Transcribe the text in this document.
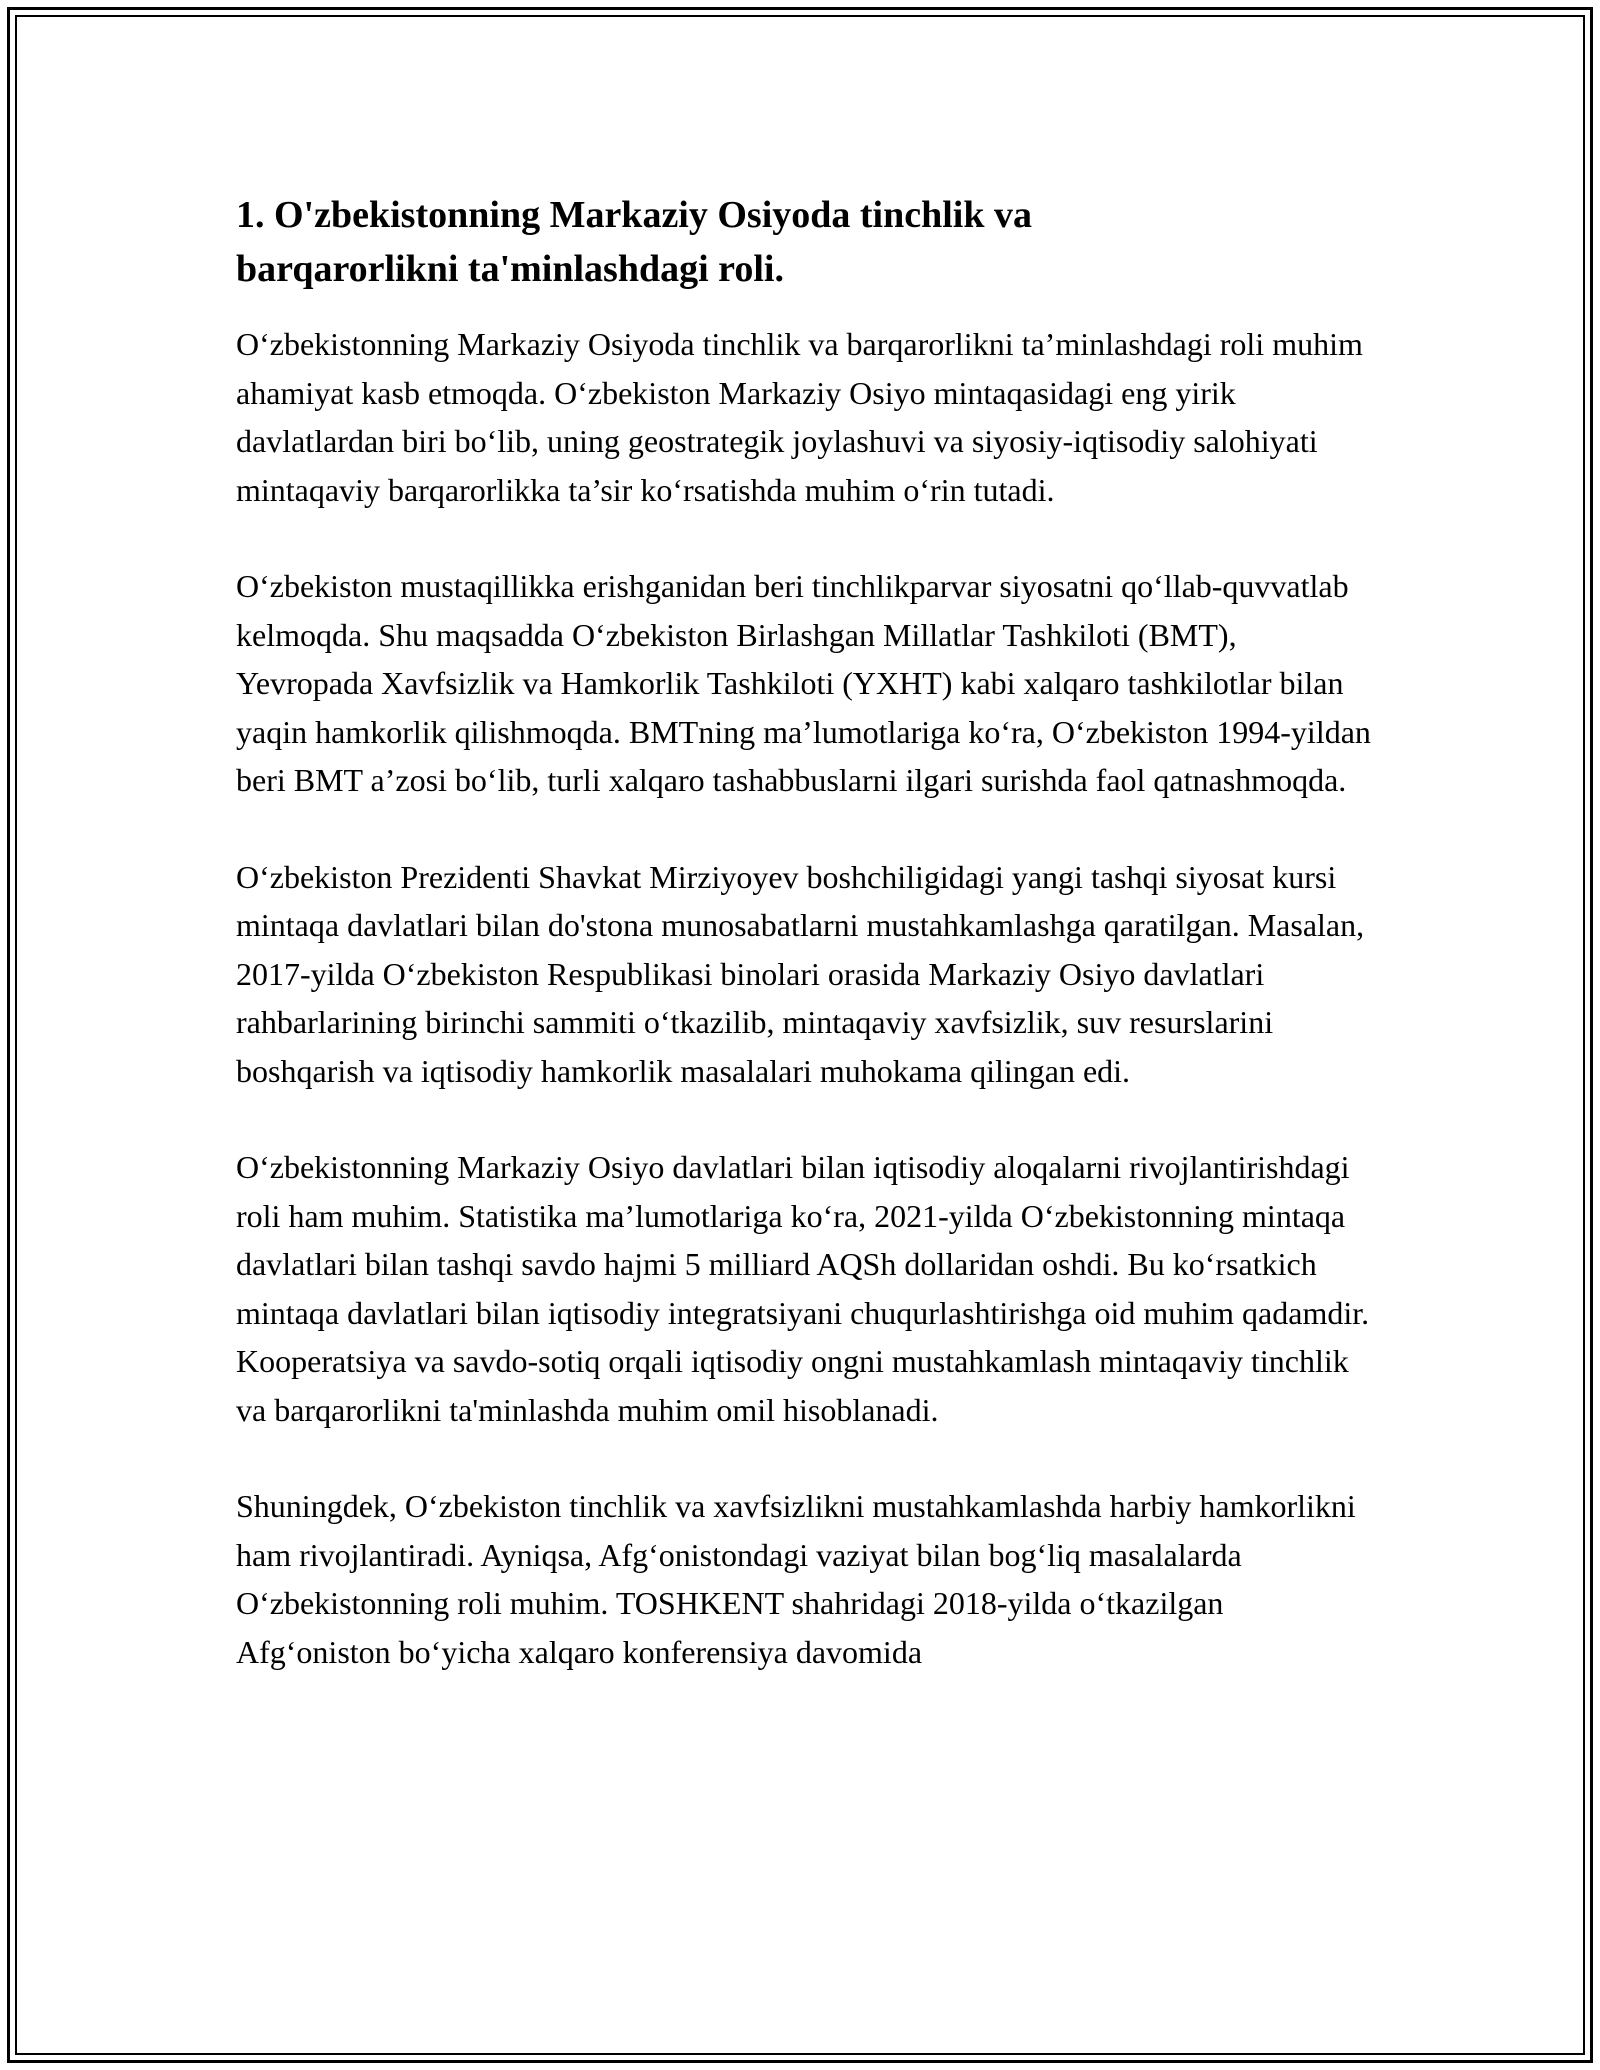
1. O'zbekistonning Markaziy Osiyoda tinchlik va barqarorlikni ta'minlashdagi roli.

O‘zbekistonning Markaziy Osiyoda tinchlik va barqarorlikni ta’minlashdagi roli muhim ahamiyat kasb etmoqda. O‘zbekiston Markaziy Osiyo mintaqasidagi eng yirik davlatlardan biri bo‘lib, uning geostrategik joylashuvi va siyosiy-iqtisodiy salohiyati mintaqaviy barqarorlikka ta’sir ko‘rsatishda muhim o‘rin tutadi.

O‘zbekiston mustaqillikka erishganidan beri tinchlikparvar siyosatni qo‘llab-quvvatlab kelmoqda. Shu maqsadda O‘zbekiston Birlashgan Millatlar Tashkiloti (BMT), Yevropada Xavfsizlik va Hamkorlik Tashkiloti (YXHT) kabi xalqaro tashkilotlar bilan yaqin hamkorlik qilishmoqda. BMTning ma’lumotlariga ko‘ra, O‘zbekiston 1994-yildan beri BMT a’zosi bo‘lib, turli xalqaro tashabbuslarni ilgari surishda faol qatnashmoqda.

O‘zbekiston Prezidenti Shavkat Mirziyoyev boshchiligidagi yangi tashqi siyosat kursi mintaqa davlatlari bilan do'stona munosabatlarni mustahkamlashga qaratilgan. Masalan, 2017-yilda O‘zbekiston Respublikasi binolari orasida Markaziy Osiyo davlatlari rahbarlarining birinchi sammiti o‘tkazilib, mintaqaviy xavfsizlik, suv resurslarini boshqarish va iqtisodiy hamkorlik masalalari muhokama qilingan edi.

O‘zbekistonning Markaziy Osiyo davlatlari bilan iqtisodiy aloqalarni rivojlantirishdagi roli ham muhim. Statistika ma’lumotlariga ko‘ra, 2021-yilda O‘zbekistonning mintaqa davlatlari bilan tashqi savdo hajmi 5 milliard AQSh dollaridan oshdi. Bu ko‘rsatkich mintaqa davlatlari bilan iqtisodiy integratsiyani chuqurlashtirishga oid muhim qadamdir. Kooperatsiya va savdo-sotiq orqali iqtisodiy ongni mustahkamlash mintaqaviy tinchlik va barqarorlikni ta'minlashda muhim omil hisoblanadi.

Shuningdek, O‘zbekiston tinchlik va xavfsizlikni mustahkamlashda harbiy hamkorlikni ham rivojlantiradi. Ayniqsa, Afg‘onistondagi vaziyat bilan bog‘liq masalalarda O‘zbekistonning roli muhim. TOSHKENT shahridagi 2018-yilda o‘tkazilgan Afg‘oniston bo‘yicha xalqaro konferensiya davomida
